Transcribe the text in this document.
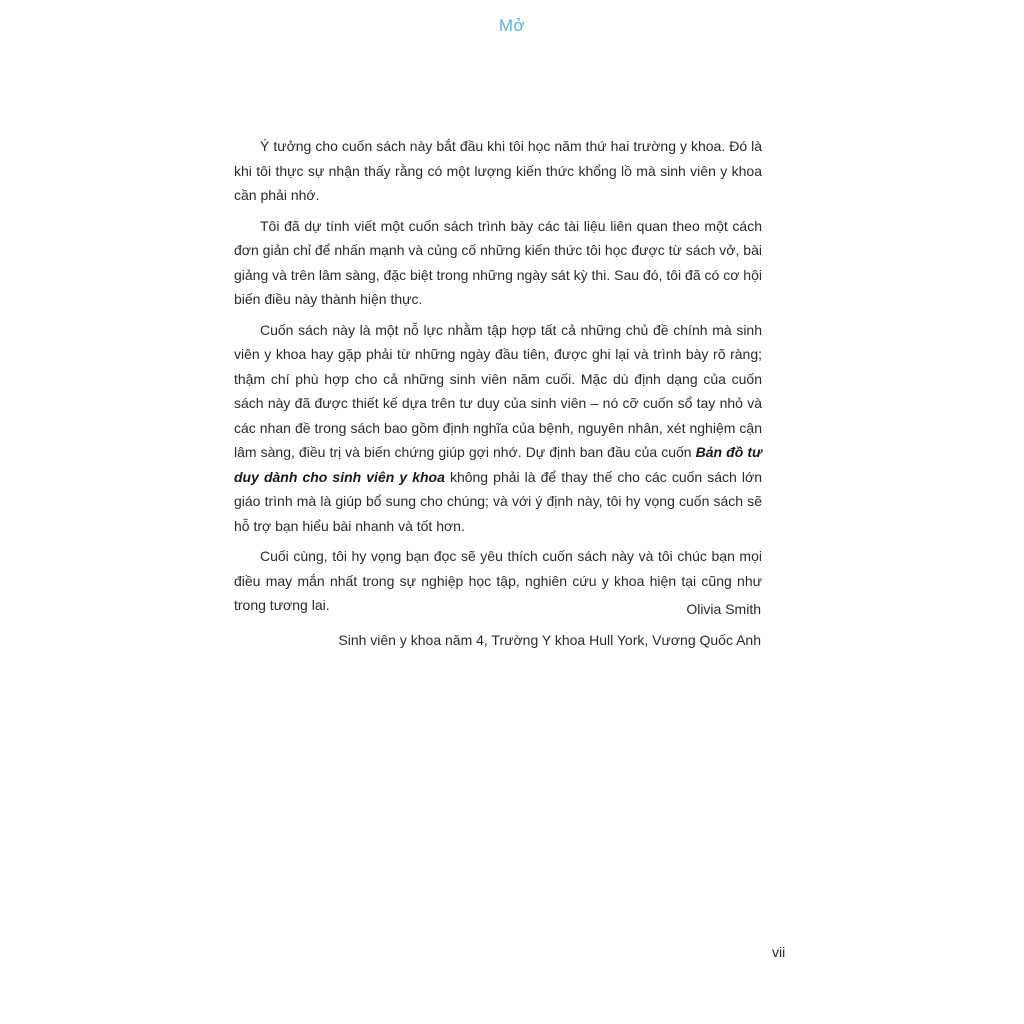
Mở

Ý tưởng cho cuốn sách này bắt đầu khi tôi học năm thứ hai trường y khoa. Đó là khi tôi thực sự nhận thấy rằng có một lượng kiến thức khổng lồ mà sinh viên y khoa cần phải nhớ.

Tôi đã dự tính viết một cuốn sách trình bày các tài liệu liên quan theo một cách đơn giản chỉ để nhấn mạnh và củng cố những kiến thức tôi học được từ sách vở, bài giảng và trên lâm sàng, đặc biệt trong những ngày sát kỳ thi. Sau đó, tôi đã có cơ hội biến điều này thành hiện thực.

Cuốn sách này là một nỗ lực nhằm tập hợp tất cả những chủ đề chính mà sinh viên y khoa hay gặp phải từ những ngày đầu tiên, được ghi lại và trình bày rõ ràng; thậm chí phù hợp cho cả những sinh viên năm cuối. Mặc dù định dạng của cuốn sách này đã được thiết kế dựa trên tư duy của sinh viên – nó cỡ cuốn sổ tay nhỏ và các nhan đề trong sách bao gồm định nghĩa của bệnh, nguyên nhân, xét nghiệm cận lâm sàng, điều trị và biến chứng giúp gợi nhớ. Dự định ban đầu của cuốn Bản đồ tư duy dành cho sinh viên y khoa không phải là để thay thế cho các cuốn sách lớn giáo trình mà là giúp bổ sung cho chúng; và với ý định này, tôi hy vọng cuốn sách sẽ hỗ trợ bạn hiểu bài nhanh và tốt hơn.

Cuối cùng, tôi hy vọng bạn đọc sẽ yêu thích cuốn sách này và tôi chúc bạn mọi điều may mắn nhất trong sự nghiệp học tập, nghiên cứu y khoa hiện tại cũng như trong tương lai.	Olivia Smith
Sinh viên y khoa năm 4, Trường Y khoa Hull York, Vương Quốc Anh
vii
